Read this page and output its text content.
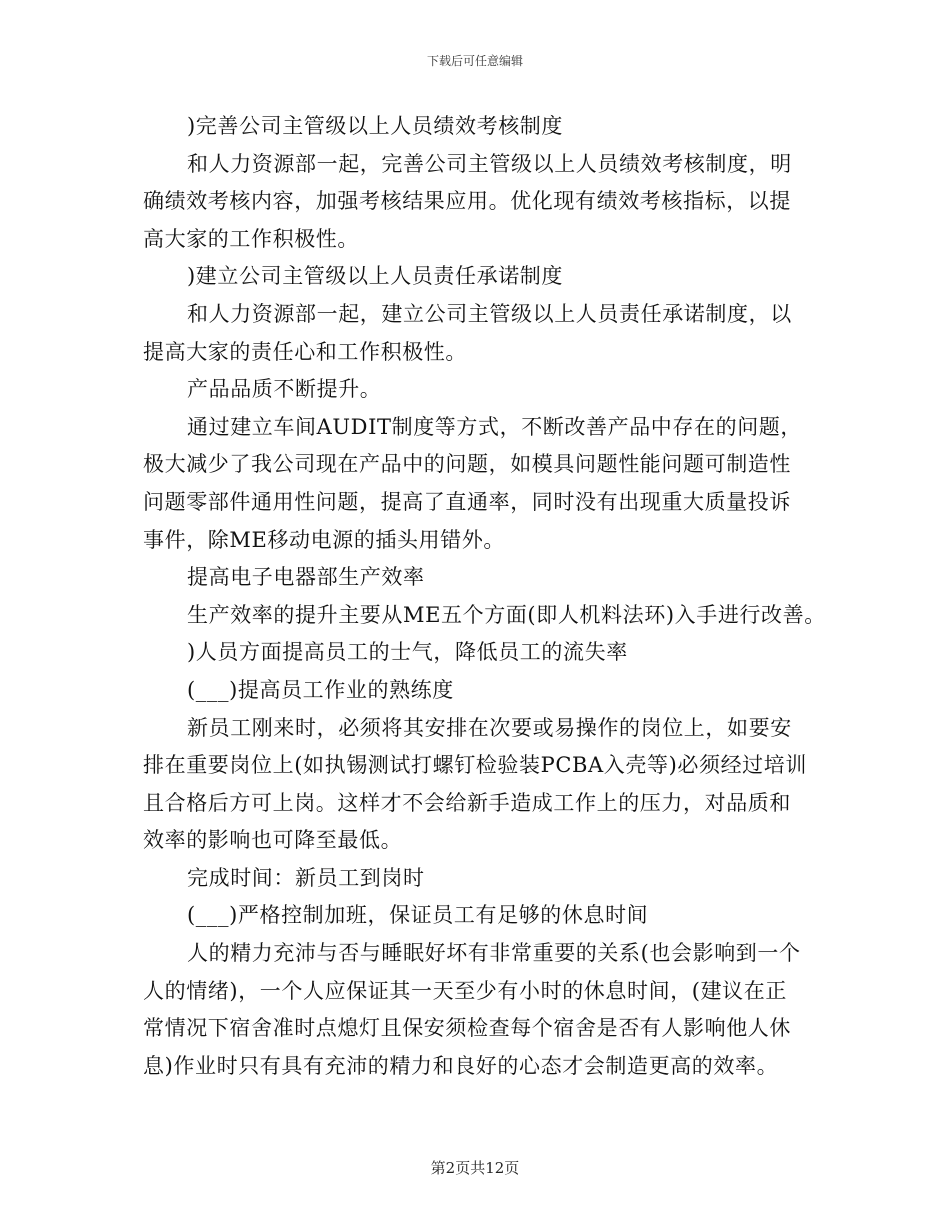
下载后可任意编辑
)完善公司主管级以上人员绩效考核制度
和人力资源部一起，完善公司主管级以上人员绩效考核制度，明
确绩效考核内容，加强考核结果应用。优化现有绩效考核指标，以提
高大家的工作积极性。
)建立公司主管级以上人员责任承诺制度
和人力资源部一起，建立公司主管级以上人员责任承诺制度，以
提高大家的责任心和工作积极性。
产品品质不断提升。
通过建立车间AUDIT制度等方式，不断改善产品中存在的问题，
极大减少了我公司现在产品中的问题，如模具问题性能问题可制造性
问题零部件通用性问题，提高了直通率，同时没有出现重大质量投诉
事件，除ME移动电源的插头用错外。
提高电子电器部生产效率
生产效率的提升主要从ME五个方面(即人机料法环)入手进行改善。
)人员方面提高员工的士气，降低员工的流失率
(___)提高员工作业的熟练度
新员工刚来时，必须将其安排在次要或易操作的岗位上，如要安
排在重要岗位上(如执锡测试打螺钉检验装PCBA入壳等)必须经过培训
且合格后方可上岗。这样才不会给新手造成工作上的压力，对品质和
效率的影响也可降至最低。
完成时间：新员工到岗时
(___)严格控制加班，保证员工有足够的休息时间
人的精力充沛与否与睡眠好坏有非常重要的关系(也会影响到一个
人的情绪)，一个人应保证其一天至少有小时的休息时间，(建议在正
常情况下宿舍准时点熄灯且保安须检查每个宿舍是否有人影响他人休
息)作业时只有具有充沛的精力和良好的心态才会制造更高的效率。
第2页共12页
